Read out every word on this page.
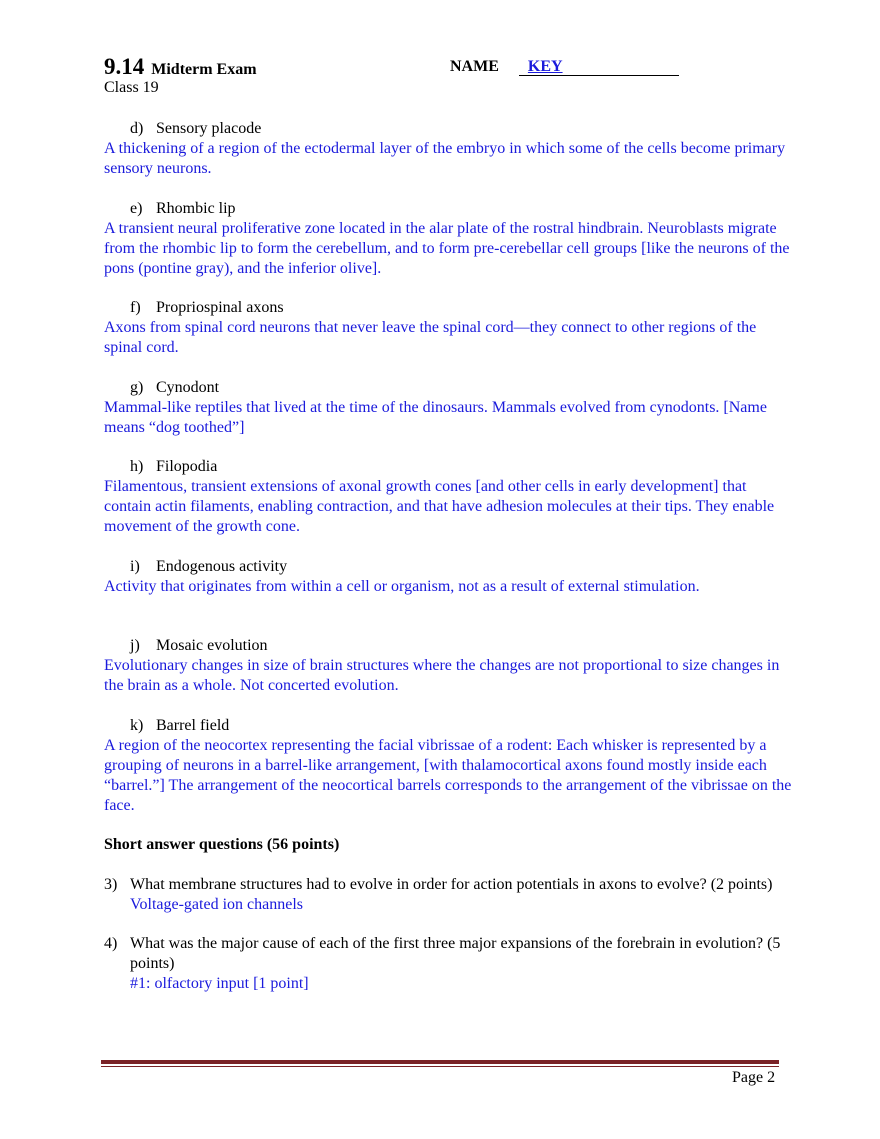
9.14 Midterm Exam
Class 19
NAME KEY
d) Sensory placode
A thickening of a region of the ectodermal layer of the embryo in which some of the cells become primary sensory neurons.
e) Rhombic lip
A transient neural proliferative zone located in the alar plate of the rostral hindbrain. Neuroblasts migrate from the rhombic lip to form the cerebellum, and to form pre-cerebellar cell groups [like the neurons of the pons (pontine gray), and the inferior olive].
f) Propriospinal axons
Axons from spinal cord neurons that never leave the spinal cord—they connect to other regions of the spinal cord.
g) Cynodont
Mammal-like reptiles that lived at the time of the dinosaurs. Mammals evolved from cynodonts. [Name means “dog toothed”]
h) Filopodia
Filamentous, transient extensions of axonal growth cones [and other cells in early development] that contain actin filaments, enabling contraction, and that have adhesion molecules at their tips. They enable movement of the growth cone.
i) Endogenous activity
Activity that originates from within a cell or organism, not as a result of external stimulation.
j) Mosaic evolution
Evolutionary changes in size of brain structures where the changes are not proportional to size changes in the brain as a whole. Not concerted evolution.
k) Barrel field
A region of the neocortex representing the facial vibrissae of a rodent: Each whisker is represented by a grouping of neurons in a barrel-like arrangement, [with thalamocortical axons found mostly inside each “barrel.”] The arrangement of the neocortical barrels corresponds to the arrangement of the vibrissae on the face.
Short answer questions (56 points)
3) What membrane structures had to evolve in order for action potentials in axons to evolve? (2 points)
Voltage-gated ion channels
4) What was the major cause of each of the first three major expansions of the forebrain in evolution? (5 points)
#1: olfactory input [1 point]
Page 2
